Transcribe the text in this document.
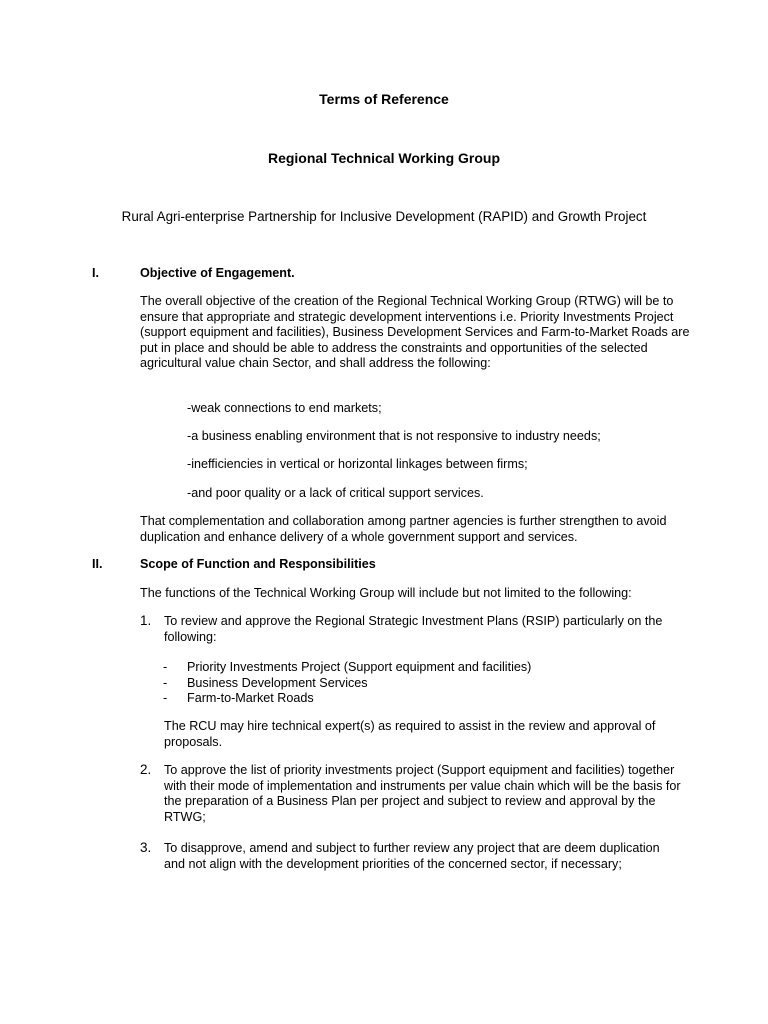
Terms of Reference
Regional Technical Working Group
Rural Agri-enterprise Partnership for Inclusive Development (RAPID) and Growth Project
I.	Objective of Engagement.
The overall objective of the creation of the Regional Technical Working Group (RTWG) will be to ensure that appropriate and strategic development interventions i.e. Priority Investments Project (support equipment and facilities), Business Development Services and Farm-to-Market Roads are put in place and should be able to address the constraints and opportunities of the selected agricultural value chain Sector, and shall address the following:
-weak connections to end markets;
-a business enabling environment that is not responsive to industry needs;
-inefficiencies in vertical or horizontal linkages between firms;
-and poor quality or a lack of critical support services.
That complementation and collaboration among partner agencies is further strengthen to avoid duplication and enhance delivery of a whole government support and services.
II.	Scope of Function and Responsibilities
The functions of the Technical Working Group will include but not limited to the following:
1. To review and approve the Regional Strategic Investment Plans (RSIP) particularly on the following:
- Priority Investments Project (Support equipment and facilities)
- Business Development Services
- Farm-to-Market Roads
The RCU may hire technical expert(s) as required to assist in the review and approval of proposals.
2. To approve the list of priority investments project (Support equipment and facilities) together with their mode of implementation and instruments per value chain which will be the basis for the preparation of a Business Plan per project and subject to review and approval by the RTWG;
3. To disapprove, amend and subject to further review any project that are deem duplication and not align with the development priorities of the concerned sector, if necessary;
